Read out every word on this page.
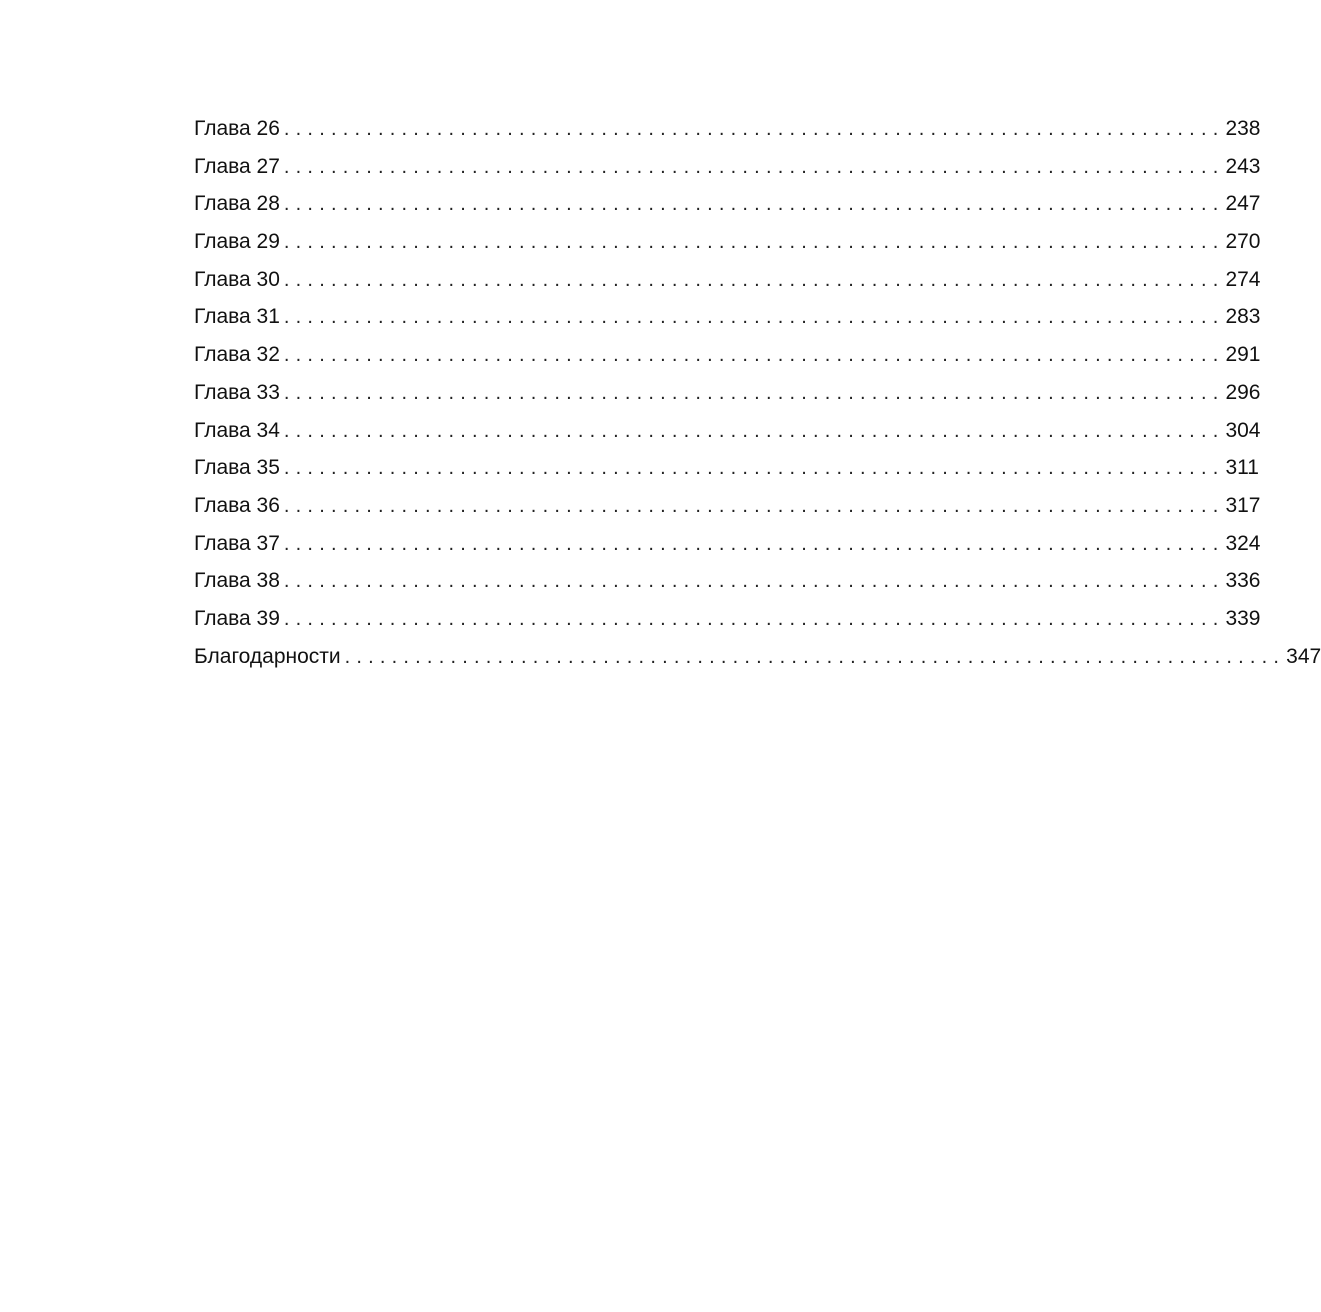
Глава 26 ................................................................................ 238
Глава 27 ................................................................................ 243
Глава 28 ................................................................................ 247
Глава 29 ................................................................................ 270
Глава 30 ................................................................................ 274
Глава 31 ................................................................................ 283
Глава 32 ................................................................................ 291
Глава 33 ................................................................................ 296
Глава 34 ................................................................................ 304
Глава 35 ................................................................................ 311
Глава 36 ................................................................................ 317
Глава 37 ................................................................................ 324
Глава 38 ................................................................................ 336
Глава 39 ................................................................................ 339
Благодарности ................................................................................ 347
